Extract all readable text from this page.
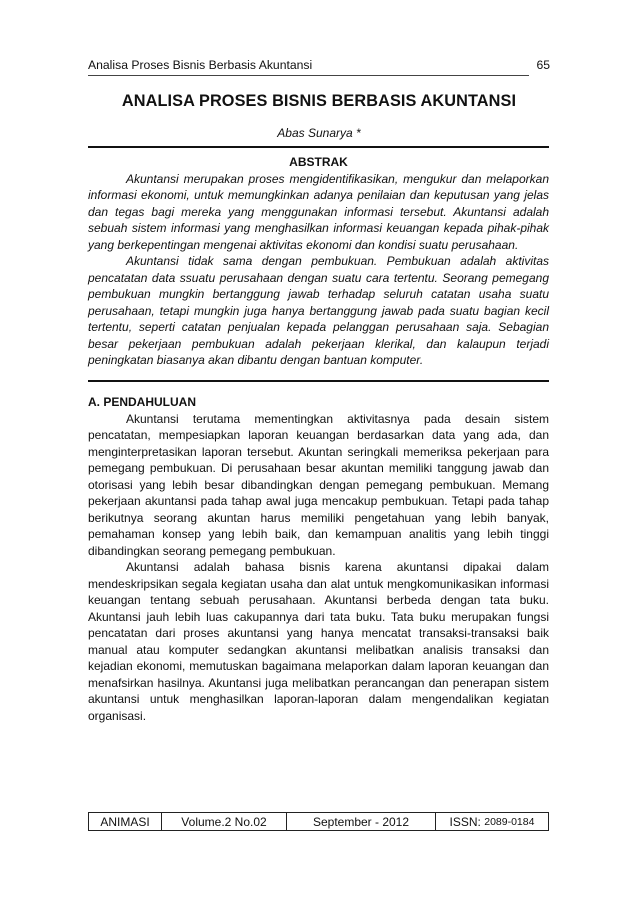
Analisa Proses Bisnis Berbasis Akuntansi	65
ANALISA PROSES BISNIS BERBASIS AKUNTANSI
Abas Sunarya *
ABSTRAK

Akuntansi merupakan proses mengidentifikasikan, mengukur dan melaporkan informasi ekonomi, untuk memungkinkan adanya penilaian dan keputusan yang jelas dan tegas bagi mereka yang menggunakan informasi tersebut. Akuntansi adalah sebuah sistem informasi yang menghasilkan informasi keuangan kepada pihak-pihak yang berkepentingan mengenai aktivitas ekonomi dan kondisi suatu perusahaan.

Akuntansi tidak sama dengan pembukuan. Pembukuan adalah aktivitas pencatatan data ssuatu perusahaan dengan suatu cara tertentu. Seorang pemegang pembukuan mungkin bertanggung jawab terhadap seluruh catatan usaha suatu perusahaan, tetapi mungkin juga hanya bertanggung jawab pada suatu bagian kecil tertentu, seperti catatan penjualan kepada pelanggan perusahaan saja. Sebagian besar pekerjaan pembukuan adalah pekerjaan klerikal, dan kalaupun terjadi peningkatan biasanya akan dibantu dengan bantuan komputer.

A. PENDAHULUAN

Akuntansi terutama mementingkan aktivitasnya pada desain sistem pencatatan, mempesiapkan laporan keuangan berdasarkan data yang ada, dan menginterpretasikan laporan tersebut. Akuntan seringkali memeriksa pekerjaan para pemegang pembukuan. Di perusahaan besar akuntan memiliki tanggung jawab dan otorisasi yang lebih besar dibandingkan dengan pemegang pembukuan. Memang pekerjaan akuntansi pada tahap awal juga mencakup pembukuan. Tetapi pada tahap berikutnya seorang akuntan harus memiliki pengetahuan yang lebih banyak, pemahaman konsep yang lebih baik, dan kemampuan analitis yang lebih tinggi dibandingkan seorang pemegang pembukuan.

Akuntansi adalah bahasa bisnis karena akuntansi dipakai dalam mendeskripsikan segala kegiatan usaha dan alat untuk mengkomunikasikan informasi keuangan tentang sebuah perusahaan. Akuntansi berbeda dengan tata buku. Akuntansi jauh lebih luas cakupannya dari tata buku. Tata buku merupakan fungsi pencatatan dari proses akuntansi yang hanya mencatat transaksi-transaksi baik manual atau komputer sedangkan akuntansi melibatkan analisis transaksi dan kejadian ekonomi, memutuskan bagaimana melaporkan dalam laporan keuangan dan menafsirkan hasilnya. Akuntansi juga melibatkan perancangan dan penerapan sistem akuntansi untuk menghasilkan laporan-laporan dalam mengendalikan kegiatan organisasi.

ANIMASI	Volume.2 No.02	September - 2012	ISSN: 2089-0184
